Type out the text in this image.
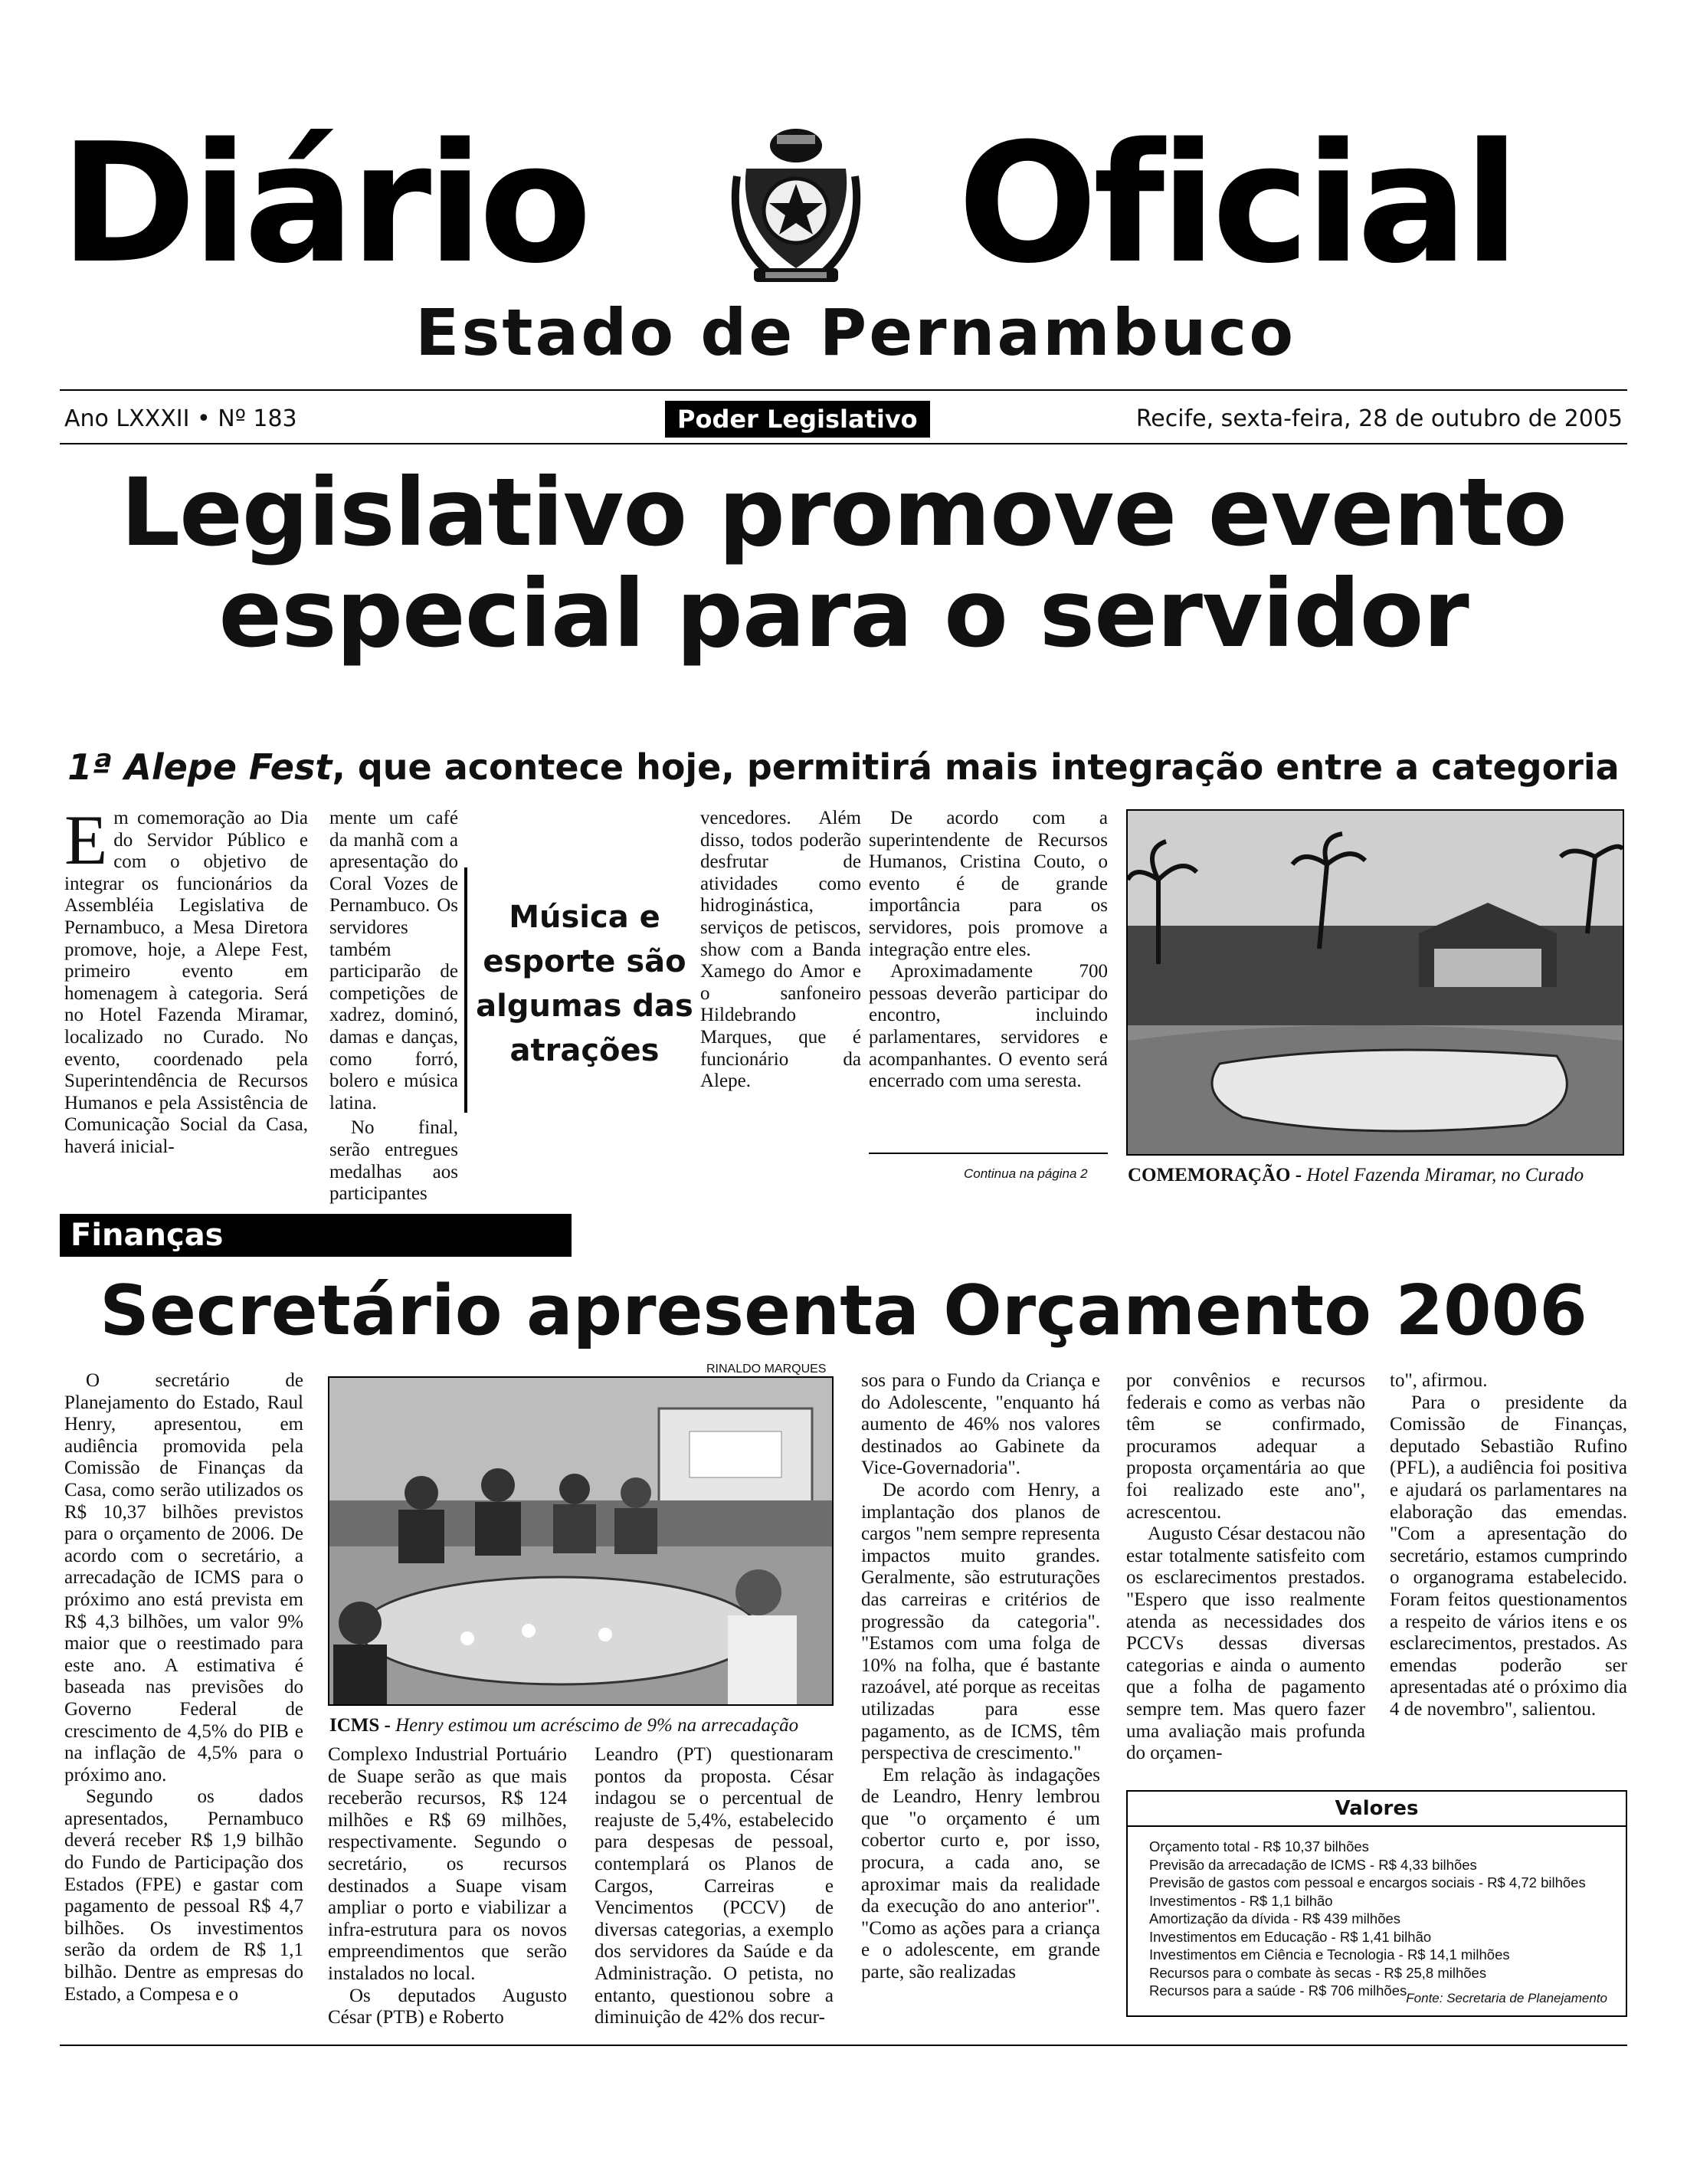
Diário Oficial
Estado de Pernambuco
Ano LXXXII • Nº 183	Poder Legislativo	Recife, sexta-feira, 28 de outubro de 2005
Legislativo promove evento
especial para o servidor
1ª Alepe Fest, que acontece hoje, permitirá mais integração entre a categoria

Em comemoração ao Dia do Servidor Público e com o objetivo de integrar os funcionários da Assembléia Legislativa de Pernambuco, a Mesa Diretora promove, hoje, a Alepe Fest, primeiro evento em homenagem à categoria. Será no Hotel Fazenda Miramar, localizado no Curado. No evento, coordenado pela Superintendência de Recursos Humanos e pela Assistência de Comunicação Social da Casa, haverá inicial-

mente um café da manhã com a apresentação do Coral Vozes de Pernambuco. Os servidores também participarão de competições de xadrez, dominó, damas e danças, como forró, bolero e música latina.

No final, serão entregues medalhas aos participantes

Música e esporte são algumas das atrações

vencedores. Além disso, todos poderão desfrutar de atividades como hidroginástica, serviços de petiscos, show com a Banda Xamego do Amor e o sanfoneiro Hildebrando Marques, que é funcionário da Alepe.

De acordo com a superintendente de Recursos Humanos, Cristina Couto, o evento é de grande importância para os servidores, pois promove a integração entre eles.

Aproximadamente 700 pessoas deverão participar do encontro, incluindo parlamentares, servidores e acompanhantes. O evento será encerrado com uma seresta.

Continua na página 2 COMEMORAÇÃO - Hotel Fazenda Miramar, no Curado
Finanças
Secretário apresenta Orçamento 2006

O secretário de Planejamento do Estado, Raul Henry, apresentou, em audiência promovida pela Comissão de Finanças da Casa, como serão utilizados os R$ 10,37 bilhões previstos para o orçamento de 2006. De acordo com o secretário, a arrecadação de ICMS para o próximo ano está prevista em R$ 4,3 bilhões, um valor 9% maior que o reestimado para este ano. A estimativa é baseada nas previsões do Governo Federal de crescimento de 4,5% do PIB e na inflação de 4,5% para o próximo ano.

Segundo os dados apresentados, Pernambuco deverá receber R$ 1,9 bilhão do Fundo de Participação dos Estados (FPE) e gastar com pagamento de pessoal R$ 4,7 bilhões. Os investimentos serão da ordem de R$ 1,1 bilhão. Dentre as empresas do Estado, a Compesa e o

RINALDO MARQUES
ICMS - Henry estimou um acréscimo de 9% na arrecadação

Complexo Industrial Portuário de Suape serão as que mais receberão recursos, R$ 124 milhões e R$ 69 milhões, respectivamente. Segundo o secretário, os recursos destinados a Suape visam ampliar o porto e viabilizar a infra-estrutura para os novos empreendimentos que serão instalados no local.

Os deputados Augusto César (PTB) e Roberto

Leandro (PT) questionaram pontos da proposta. César indagou se o percentual de reajuste de 5,4%, estabelecido para despesas de pessoal, contemplará os Planos de Cargos, Carreiras e Vencimentos (PCCV) de diversas categorias, a exemplo dos servidores da Saúde e da Administração. O petista, no entanto, questionou sobre a diminuição de 42% dos recur-

sos para o Fundo da Criança e do Adolescente, "enquanto há aumento de 46% nos valores destinados ao Gabinete da Vice-Governadoria".

De acordo com Henry, a implantação dos planos de cargos "nem sempre representa impactos muito grandes. Geralmente, são estruturações das carreiras e critérios de progressão da categoria". "Estamos com uma folga de 10% na folha, que é bastante razoável, até porque as receitas utilizadas para esse pagamento, as de ICMS, têm perspectiva de crescimento."

Em relação às indagações de Leandro, Henry lembrou que "o orçamento é um cobertor curto e, por isso, procura, a cada ano, se aproximar mais da realidade da execução do ano anterior". "Como as ações para a criança e o adolescente, em grande parte, são realizadas

por convênios e recursos federais e como as verbas não têm se confirmado, procuramos adequar a proposta orçamentária ao que foi realizado este ano", acrescentou.

Augusto César destacou não estar totalmente satisfeito com os esclarecimentos prestados. "Espero que isso realmente atenda as necessidades dos PCCVs dessas diversas categorias e ainda o aumento que a folha de pagamento sempre tem. Mas quero fazer uma avaliação mais profunda do orçamen-

to", afirmou.

Para o presidente da Comissão de Finanças, deputado Sebastião Rufino (PFL), a audiência foi positiva e ajudará os parlamentares na elaboração das emendas. "Com a apresentação do secretário, estamos cumprindo o organograma estabelecido. Foram feitos questionamentos a respeito de vários itens e os esclarecimentos, prestados. As emendas poderão ser apresentadas até o próximo dia 4 de novembro", salientou.

Valores
Orçamento total - R$ 10,37 bilhões
Previsão da arrecadação de ICMS - R$ 4,33 bilhões
Previsão de gastos com pessoal e encargos sociais - R$ 4,72 bilhões
Investimentos - R$ 1,1 bilhão
Amortização da dívida - R$ 439 milhões
Investimentos em Educação - R$ 1,41 bilhão
Investimentos em Ciência e Tecnologia - R$ 14,1 milhões
Recursos para o combate às secas - R$ 25,8 milhões
Recursos para a saúde - R$ 706 milhões Fonte: Secretaria de Planejamento
